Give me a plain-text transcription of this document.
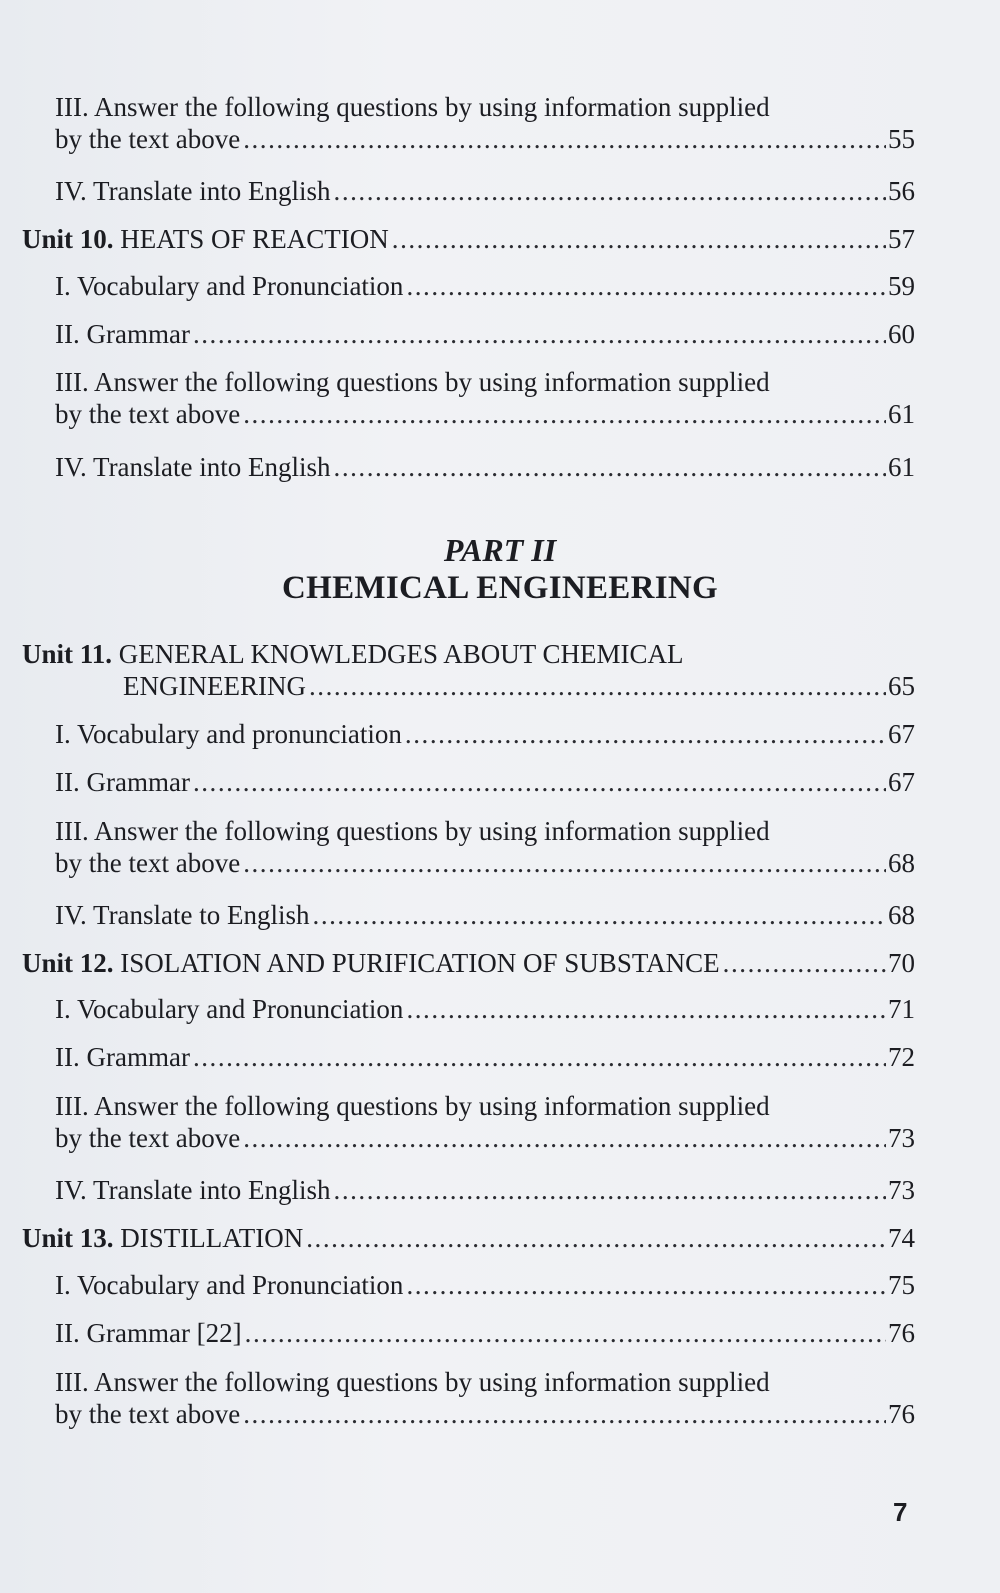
III. Answer the following questions by using information supplied
by the text above . . .	55
IV. Translate into English . . .	56
Unit 10. HEATS OF REACTION . . .	57
I. Vocabulary and Pronunciation . . .	59
II. Grammar . . .	60
III. Answer the following questions by using information supplied
by the text above . . .	61
IV. Translate into English . . .	61
PART II
CHEMICAL ENGINEERING
Unit 11. GENERAL KNOWLEDGES ABOUT CHEMICAL
ENGINEERING . . .	65
I. Vocabulary and pronunciation . . .	67
II. Grammar . . .	67
III. Answer the following questions by using information supplied
by the text above . . .	68
IV. Translate to English . . .	68
Unit 12. ISOLATION AND PURIFICATION OF SUBSTANCE . . .	70
I. Vocabulary and Pronunciation . . .	71
II. Grammar . . .	72
III. Answer the following questions by using information supplied
by the text above . . .	73
IV. Translate into English . . .	73
Unit 13. DISTILLATION . . .	74
I. Vocabulary and Pronunciation . . .	75
II. Grammar [22] . . .	76
III. Answer the following questions by using information supplied
by the text above . . .	76
7
